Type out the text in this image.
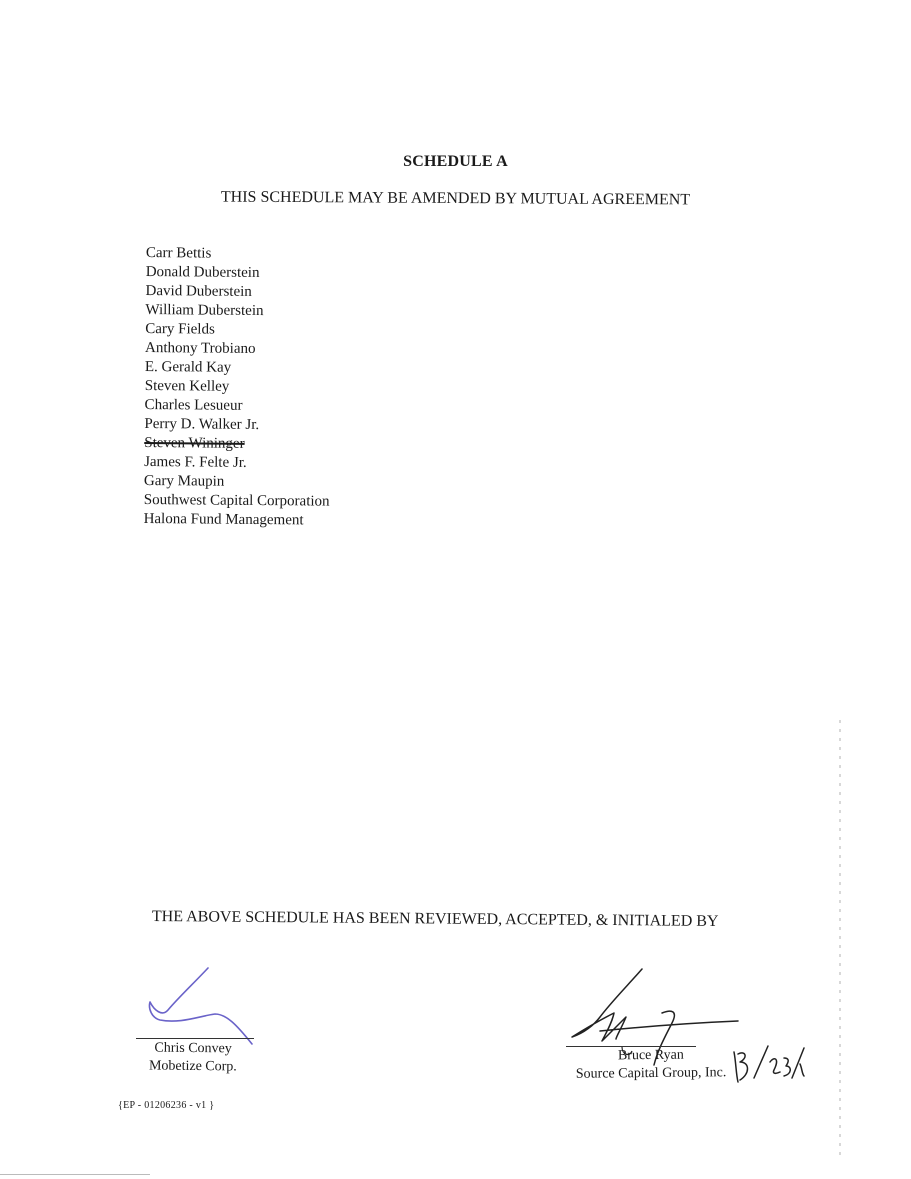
SCHEDULE A
THIS SCHEDULE MAY BE AMENDED BY MUTUAL AGREEMENT
Carr Bettis
Donald Duberstein
David Duberstein
William Duberstein
Cary Fields
Anthony Trobiano
E. Gerald Kay
Steven Kelley
Charles Lesueur
Perry D. Walker Jr.
Steven Wininger
James F. Felte Jr.
Gary Maupin
Southwest Capital Corporation
Halona Fund Management
THE ABOVE SCHEDULE HAS BEEN REVIEWED, ACCEPTED, & INITIALED BY
Chris Convey
Mobetize Corp.
Bruce Ryan
Source Capital Group, Inc.
{EP - 01206236 - v1 }
